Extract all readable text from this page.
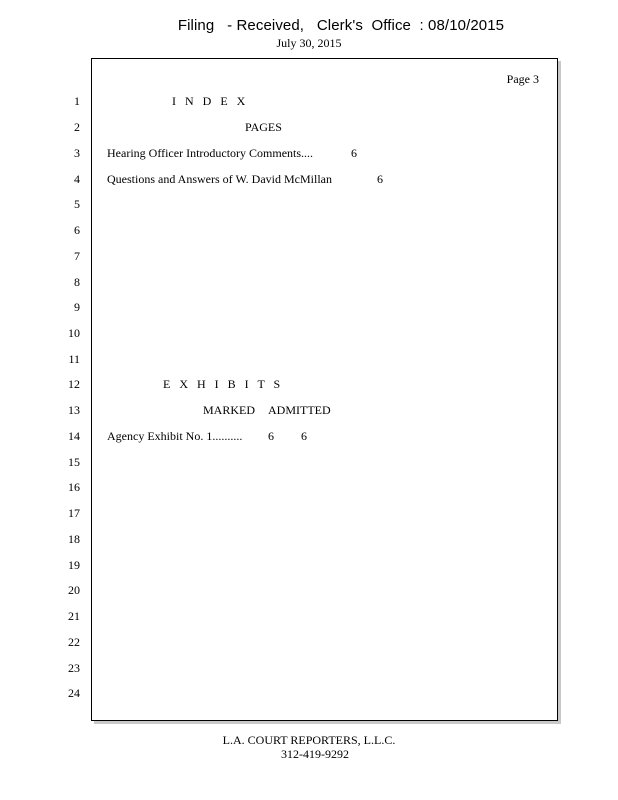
Filing   - Received,   Clerk's  Office  : 08/10/2015
July 30, 2015
Page 3
1
2
3
4
5
6
7
8
9
10
11
12
13
14
15
16
17
18
19
20
21
22
23
24
I N D E X
PAGES
Hearing Officer Introductory Comments....	6
Questions and Answers of W. David McMillan	6
E X H I B I T S
MARKED ADMITTED
Agency Exhibit No. 1.......... 6 6
L.A. COURT REPORTERS, L.L.C.
312-419-9292
